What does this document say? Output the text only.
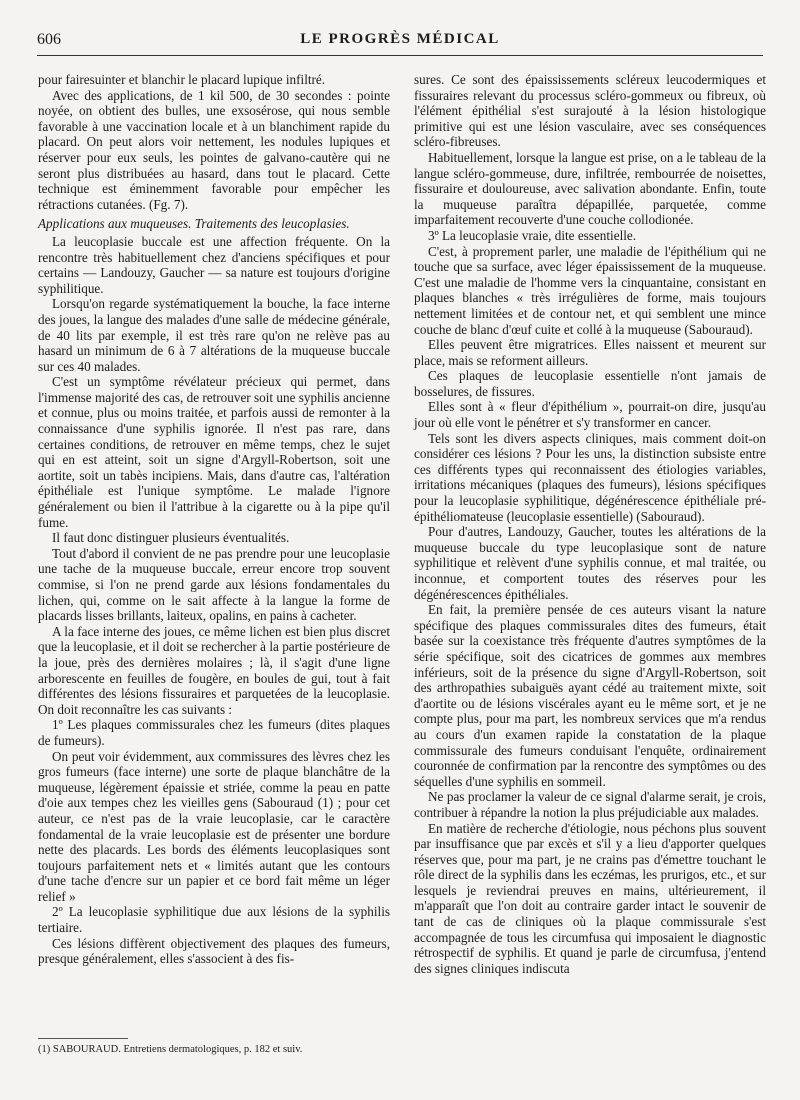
606	LE PROGRÈS MÉDICAL

pour fairesuinter et blanchir le placard lupique infiltré.

Avec des applications, de 1 kil 500, de 30 secondes : pointe noyée, on obtient des bulles, une exsosérose, qui nous semble favorable à une vaccination locale et à un blanchiment rapide du placard. On peut alors voir nettement, les nodules lupiques et réserver pour eux seuls, les pointes de galvano-cautère qui ne seront plus distribuées au hasard, dans tout le placard. Cette technique est éminemment favorable pour empêcher les rétractions cutanées. (Fg. 7).

Applications aux muqueuses. Traitements des leucoplasies.

La leucoplasie buccale est une affection fréquente. On la rencontre très habituellement chez d'anciens spécifiques et pour certains — Landouzy, Gaucher — sa nature est toujours d'origine syphilitique.

Lorsqu'on regarde systématiquement la bouche, la face interne des joues, la langue des malades d'une salle de médecine générale, de 40 lits par exemple, il est très rare qu'on ne relève pas au hasard un minimum de 6 à 7 altérations de la muqueuse buccale sur ces 40 malades.

C'est un symptôme révélateur précieux qui permet, dans l'immense majorité des cas, de retrouver soit une syphilis ancienne et connue, plus ou moins traitée, et parfois aussi de remonter à la connaissance d'une syphilis ignorée. Il n'est pas rare, dans certaines conditions, de retrouver en même temps, chez le sujet qui en est atteint, soit un signe d'Argyll-Robertson, soit une aortite, soit un tabès incipiens. Mais, dans d'autre cas, l'altération épithéliale est l'unique symptôme. Le malade l'ignore généralement ou bien il l'attribue à la cigarette ou à la pipe qu'il fume.

Il faut donc distinguer plusieurs éventualités.

Tout d'abord il convient de ne pas prendre pour une leucoplasie une tache de la muqueuse buccale, erreur encore trop souvent commise, si l'on ne prend garde aux lésions fondamentales du lichen, qui, comme on le sait affecte à la langue la forme de placards lisses brillants, laiteux, opalins, en pains à cacheter.

A la face interne des joues, ce même lichen est bien plus discret que la leucoplasie, et il doit se rechercher à la partie postérieure de la joue, près des dernières molaires ; là, il s'agit d'une ligne arborescente en feuilles de fougère, en boules de gui, tout à fait différentes des lésions fissuraires et parquetées de la leucoplasie. On doit reconnaître les cas suivants :

1º Les plaques commissurales chez les fumeurs (dites plaques de fumeurs).

On peut voir évidemment, aux commissures des lèvres chez les gros fumeurs (face interne) une sorte de plaque blanchâtre de la muqueuse, légèrement épaissie et striée, comme la peau en patte d'oie aux tempes chez les vieilles gens (Sabouraud (1) ; pour cet auteur, ce n'est pas de la vraie leucoplasie, car le caractère fondamental de la vraie leucoplasie est de présenter une bordure nette des placards. Les bords des éléments leucoplasiques sont toujours parfaitement nets et « limités autant que les contours d'une tache d'encre sur un papier et ce bord fait même un léger relief »

2º La leucoplasie syphilitique due aux lésions de la syphilis tertiaire.

Ces lésions diffèrent objectivement des plaques des fumeurs, presque généralement, elles s'associent à des fis-

sures. Ce sont des épaississements scléreux leucodermiques et fissuraires relevant du processus scléro-gommeux ou fibreux, où l'élément épithélial s'est surajouté à la lésion histologique primitive qui est une lésion vasculaire, avec ses conséquences scléro-fibreuses.

Habituellement, lorsque la langue est prise, on a le tableau de la langue scléro-gommeuse, dure, infiltrée, rembourrée de noisettes, fissuraire et douloureuse, avec salivation abondante. Enfin, toute la muqueuse paraîtra dépapillée, parquetée, comme imparfaitement recouverte d'une couche collodionée.

3º La leucoplasie vraie, dite essentielle.

C'est, à proprement parler, une maladie de l'épithélium qui ne touche que sa surface, avec léger épaississement de la muqueuse. C'est une maladie de l'homme vers la cinquantaine, consistant en plaques blanches « très irrégulières de forme, mais toujours nettement limitées et de contour net, et qui semblent une mince couche de blanc d'œuf cuite et collé à la muqueuse (Sabouraud).

Elles peuvent être migratrices. Elles naissent et meurent sur place, mais se reforment ailleurs.

Ces plaques de leucoplasie essentielle n'ont jamais de bosselures, de fissures.

Elles sont à « fleur d'épithélium », pourrait-on dire, jusqu'au jour où elle vont le pénétrer et s'y transformer en cancer.

Tels sont les divers aspects cliniques, mais comment doit-on considérer ces lésions ? Pour les uns, la distinction subsiste entre ces différents types qui reconnaissent des étiologies variables, irritations mécaniques (plaques des fumeurs), lésions spécifiques pour la leucoplasie syphilitique, dégénérescence épithéliale pré-épithéliomateuse (leucoplasie essentielle) (Sabouraud).

Pour d'autres, Landouzy, Gaucher, toutes les altérations de la muqueuse buccale du type leucoplasique sont de nature syphilitique et relèvent d'une syphilis connue, et mal traitée, ou inconnue, et comportent toutes des réserves pour les dégénérescences épithéliales.

En fait, la première pensée de ces auteurs visant la nature spécifique des plaques commissurales dites des fumeurs, était basée sur la coexistance très fréquente d'autres symptômes de la série spécifique, soit des cicatrices de gommes aux membres inférieurs, soit de la présence du signe d'Argyll-Robertson, soit des arthropathies subaiguës ayant cédé au traitement mixte, soit d'aortite ou de lésions viscérales ayant eu le même sort, et je ne compte plus, pour ma part, les nombreux services que m'a rendus au cours d'un examen rapide la constatation de la plaque commissurale des fumeurs conduisant l'enquête, ordinairement couronnée de confirmation par la rencontre des symptômes ou des séquelles d'une syphilis en sommeil.

Ne pas proclamer la valeur de ce signal d'alarme serait, je crois, contribuer à répandre la notion la plus préjudiciable aux malades.

En matière de recherche d'étiologie, nous péchons plus souvent par insuffisance que par excès et s'il y a lieu d'apporter quelques réserves que, pour ma part, je ne crains pas d'émettre touchant le rôle direct de la syphilis dans les eczémas, les prurigos, etc., et sur lesquels je reviendrai preuves en mains, ultérieurement, il m'apparaît que l'on doit au contraire garder intact le souvenir de tant de cas de cliniques où la plaque commissurale s'est accompagnée de tous les circumfusa qui imposaient le diagnostic rétrospectif de syphilis. Et quand je parle de circumfusa, j'entend des signes cliniques indiscuta

(1) SABOURAUD. Entretiens dermatologiques, p. 182 et suiv.
